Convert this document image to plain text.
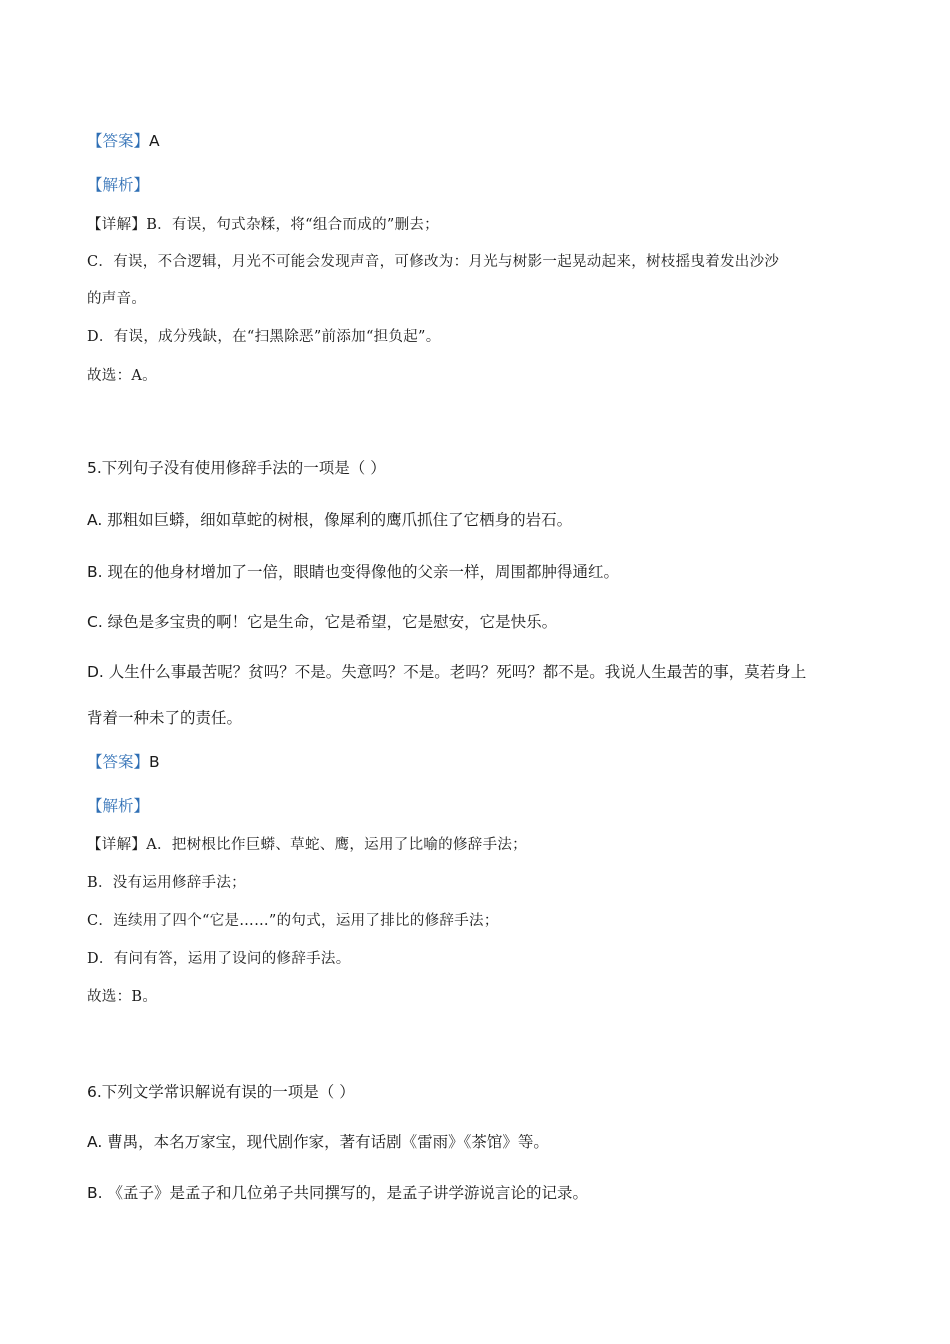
【答案】A
【解析】
【详解】B．有误，句式杂糅，将“组合而成的”删去；
C．有误，不合逻辑，月光不可能会发现声音，可修改为：月光与树影一起晃动起来，树枝摇曳着发出沙沙
的声音。
D．有误，成分残缺，在“扫黑除恶”前添加“担负起”。
故选：A。
5.下列句子没有使用修辞手法的一项是（ ）
A. 那粗如巨蟒，细如草蛇的树根，像犀利的鹰爪抓住了它栖身的岩石。
B. 现在的他身材增加了一倍，眼睛也变得像他的父亲一样，周围都肿得通红。
C. 绿色是多宝贵的啊！它是生命，它是希望，它是慰安，它是快乐。
D. 人生什么事最苦呢？贫吗？不是。失意吗？不是。老吗？死吗？都不是。我说人生最苦的事，莫若身上
背着一种未了的责任。
【答案】B
【解析】
【详解】A．把树根比作巨蟒、草蛇、鹰，运用了比喻的修辞手法；
B．没有运用修辞手法；
C．连续用了四个“它是……”的句式，运用了排比的修辞手法；
D．有问有答，运用了设问的修辞手法。
故选：B。
6.下列文学常识解说有误的一项是（ ）
A. 曹禺，本名万家宝，现代剧作家，著有话剧《雷雨》《茶馆》等。
B. 《孟子》是孟子和几位弟子共同撰写的，是孟子讲学游说言论的记录。
